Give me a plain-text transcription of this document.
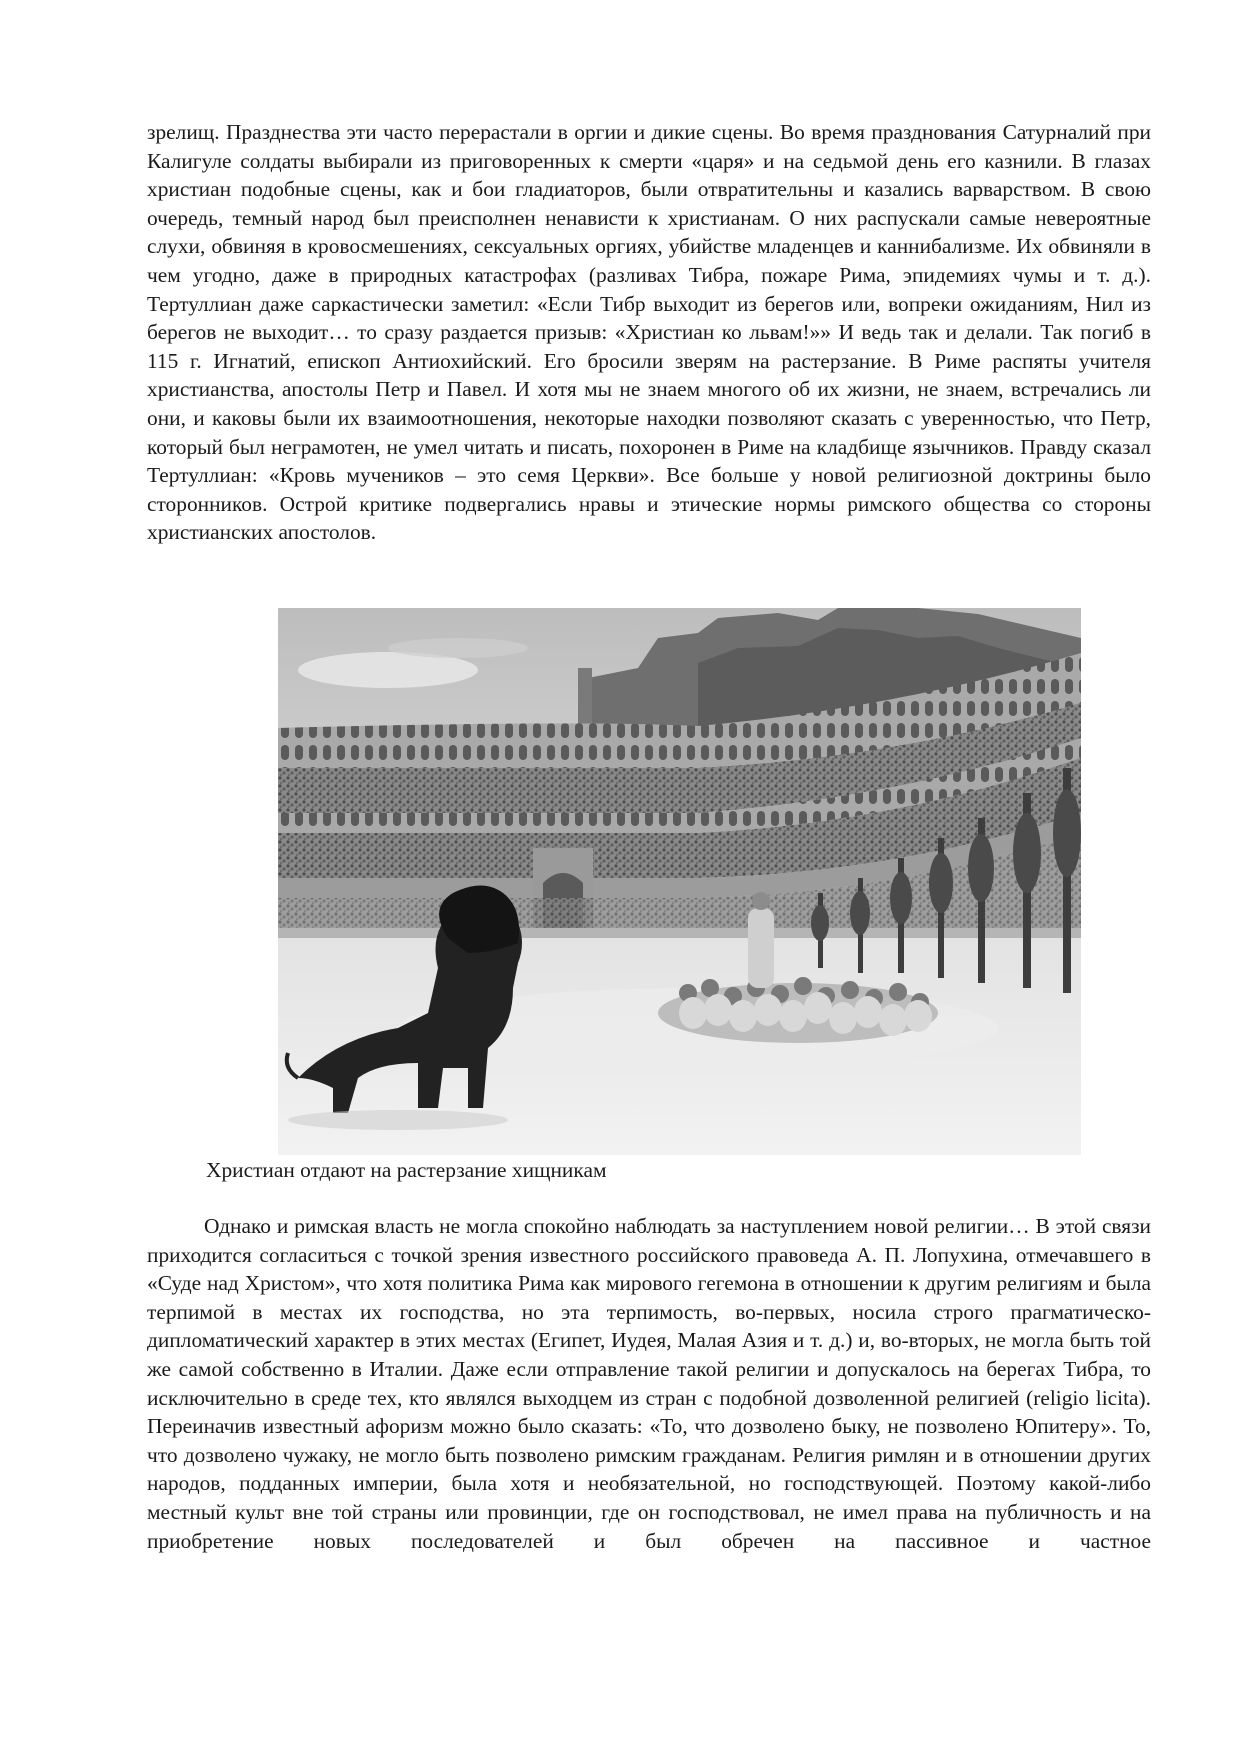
зрелищ. Празднества эти часто перерастали в оргии и дикие сцены. Во время празднования Сатурналий при Калигуле солдаты выбирали из приговоренных к смерти «царя» и на седьмой день его казнили. В глазах христиан подобные сцены, как и бои гладиаторов, были отвратительны и казались варварством. В свою очередь, темный народ был преисполнен ненависти к христианам. О них распускали самые невероятные слухи, обвиняя в кровосмешениях, сексуальных оргиях, убийстве младенцев и каннибализме. Их обвиняли в чем угодно, даже в природных катастрофах (разливах Тибра, пожаре Рима, эпидемиях чумы и т. д.). Тертуллиан даже саркастически заметил: «Если Тибр выходит из берегов или, вопреки ожиданиям, Нил из берегов не выходит… то сразу раздается призыв: «Христиан ко львам!»» И ведь так и делали. Так погиб в 115 г. Игнатий, епископ Антиохийский. Его бросили зверям на растерзание. В Риме распяты учителя христианства, апостолы Петр и Павел. И хотя мы не знаем многого об их жизни, не знаем, встречались ли они, и каковы были их взаимоотношения, некоторые находки позволяют сказать с уверенностью, что Петр, который был неграмотен, не умел читать и писать, похоронен в Риме на кладбище язычников. Правду сказал Тертуллиан: «Кровь мучеников – это семя Церкви». Все больше у новой религиозной доктрины было сторонников. Острой критике подвергались нравы и этические нормы римского общества со стороны христианских апостолов.

Христиан отдают на растерзание хищникам

Однако и римская власть не могла спокойно наблюдать за наступлением новой религии… В этой связи приходится согласиться с точкой зрения известного российского правоведа А. П. Лопухина, отмечавшего в «Суде над Христом», что хотя политика Рима как мирового гегемона в отношении к другим религиям и была терпимой в местах их господства, но эта терпимость, во-первых, носила строго прагматическо-дипломатический характер в этих местах (Египет, Иудея, Малая Азия и т. д.) и, во-вторых, не могла быть той же самой собственно в Италии. Даже если отправление такой религии и допускалось на берегах Тибра, то исключительно в среде тех, кто являлся выходцем из стран с подобной дозволенной религией (religio licita). Переиначив известный афоризм можно было сказать: «То, что дозволено быку, не позволено Юпитеру». То, что дозволено чужаку, не могло быть позволено римским гражданам. Религия римлян и в отношении других народов, подданных империи, была хотя и необязательной, но господствующей. Поэтому какой-либо местный культ вне той страны или провинции, где он господствовал, не имел права на публичность и на приобретение новых последователей и был обречен на пассивное и частное
